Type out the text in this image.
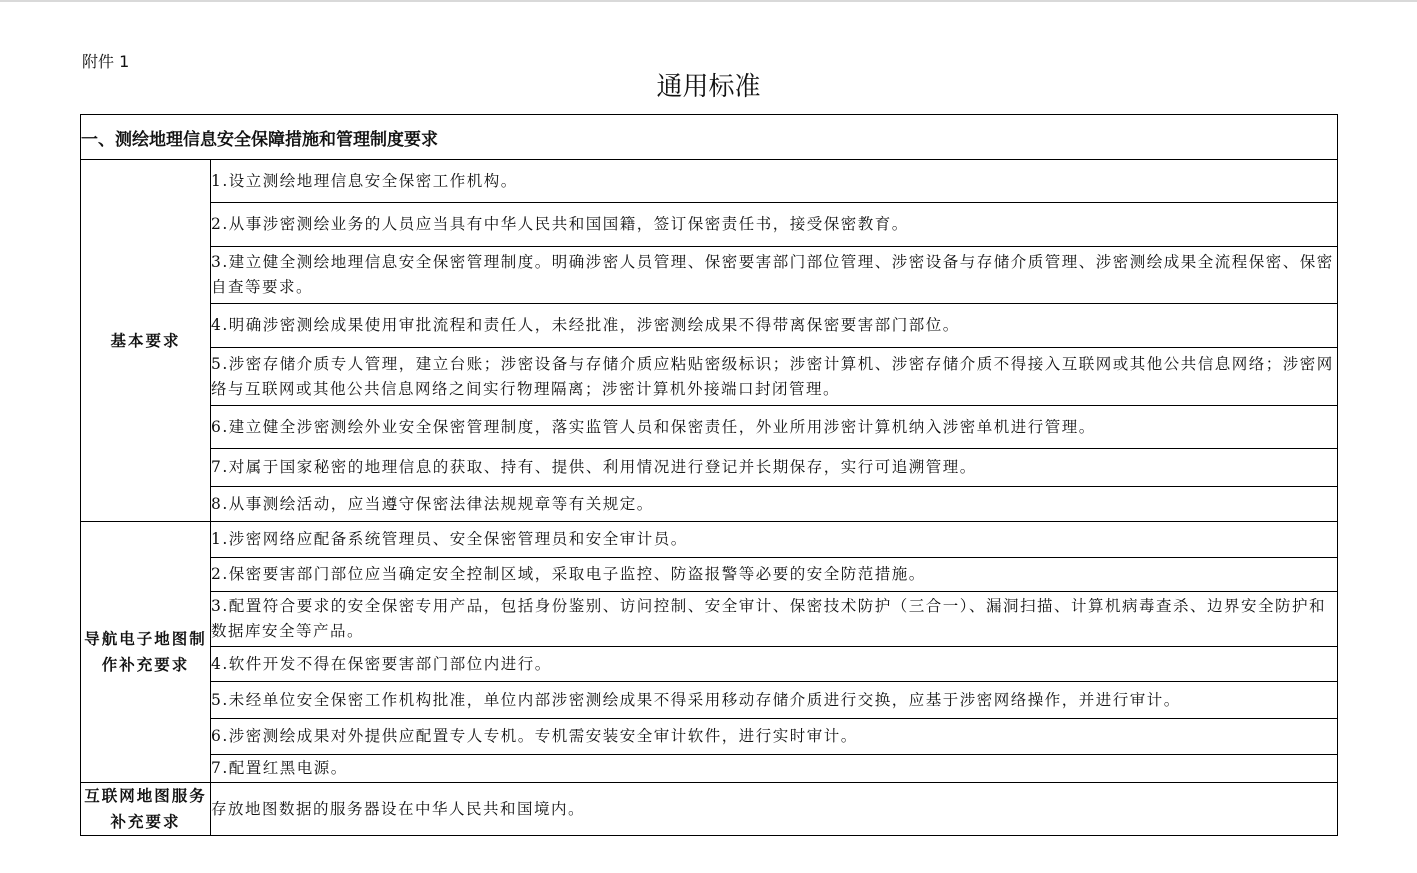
附件 1
通用标准
一、测绘地理信息安全保障措施和管理制度要求	
基本要求	1.设立测绘地理信息安全保密工作机构。
	2.从事涉密测绘业务的人员应当具有中华人民共和国国籍，签订保密责任书，接受保密教育。
	3.建立健全测绘地理信息安全保密管理制度。明确涉密人员管理、保密要害部门部位管理、涉密设备与存储介质管理、涉密测绘成果全流程保密、保密自查等要求。
	4.明确涉密测绘成果使用审批流程和责任人，未经批准，涉密测绘成果不得带离保密要害部门部位。
	5.涉密存储介质专人管理，建立台账；涉密设备与存储介质应粘贴密级标识；涉密计算机、涉密存储介质不得接入互联网或其他公共信息网络；涉密网络与互联网或其他公共信息网络之间实行物理隔离；涉密计算机外接端口封闭管理。
	6.建立健全涉密测绘外业安全保密管理制度，落实监管人员和保密责任，外业所用涉密计算机纳入涉密单机进行管理。
	7.对属于国家秘密的地理信息的获取、持有、提供、利用情况进行登记并长期保存，实行可追溯管理。
	8.从事测绘活动，应当遵守保密法律法规规章等有关规定。
导航电子地图制
作补充要求	1.涉密网络应配备系统管理员、安全保密管理员和安全审计员。
	2.保密要害部门部位应当确定安全控制区域，采取电子监控、防盗报警等必要的安全防范措施。
	3.配置符合要求的安全保密专用产品，包括身份鉴别、访问控制、安全审计、保密技术防护（三合一）、漏洞扫描、计算机病毒查杀、边界安全防护和数据库安全等产品。
	4.软件开发不得在保密要害部门部位内进行。
	5.未经单位安全保密工作机构批准，单位内部涉密测绘成果不得采用移动存储介质进行交换，应基于涉密网络操作，并进行审计。
	6.涉密测绘成果对外提供应配置专人专机。专机需安装安全审计软件，进行实时审计。
	7.配置红黑电源。
互联网地图服务
补充要求	存放地图数据的服务器设在中华人民共和国境内。
